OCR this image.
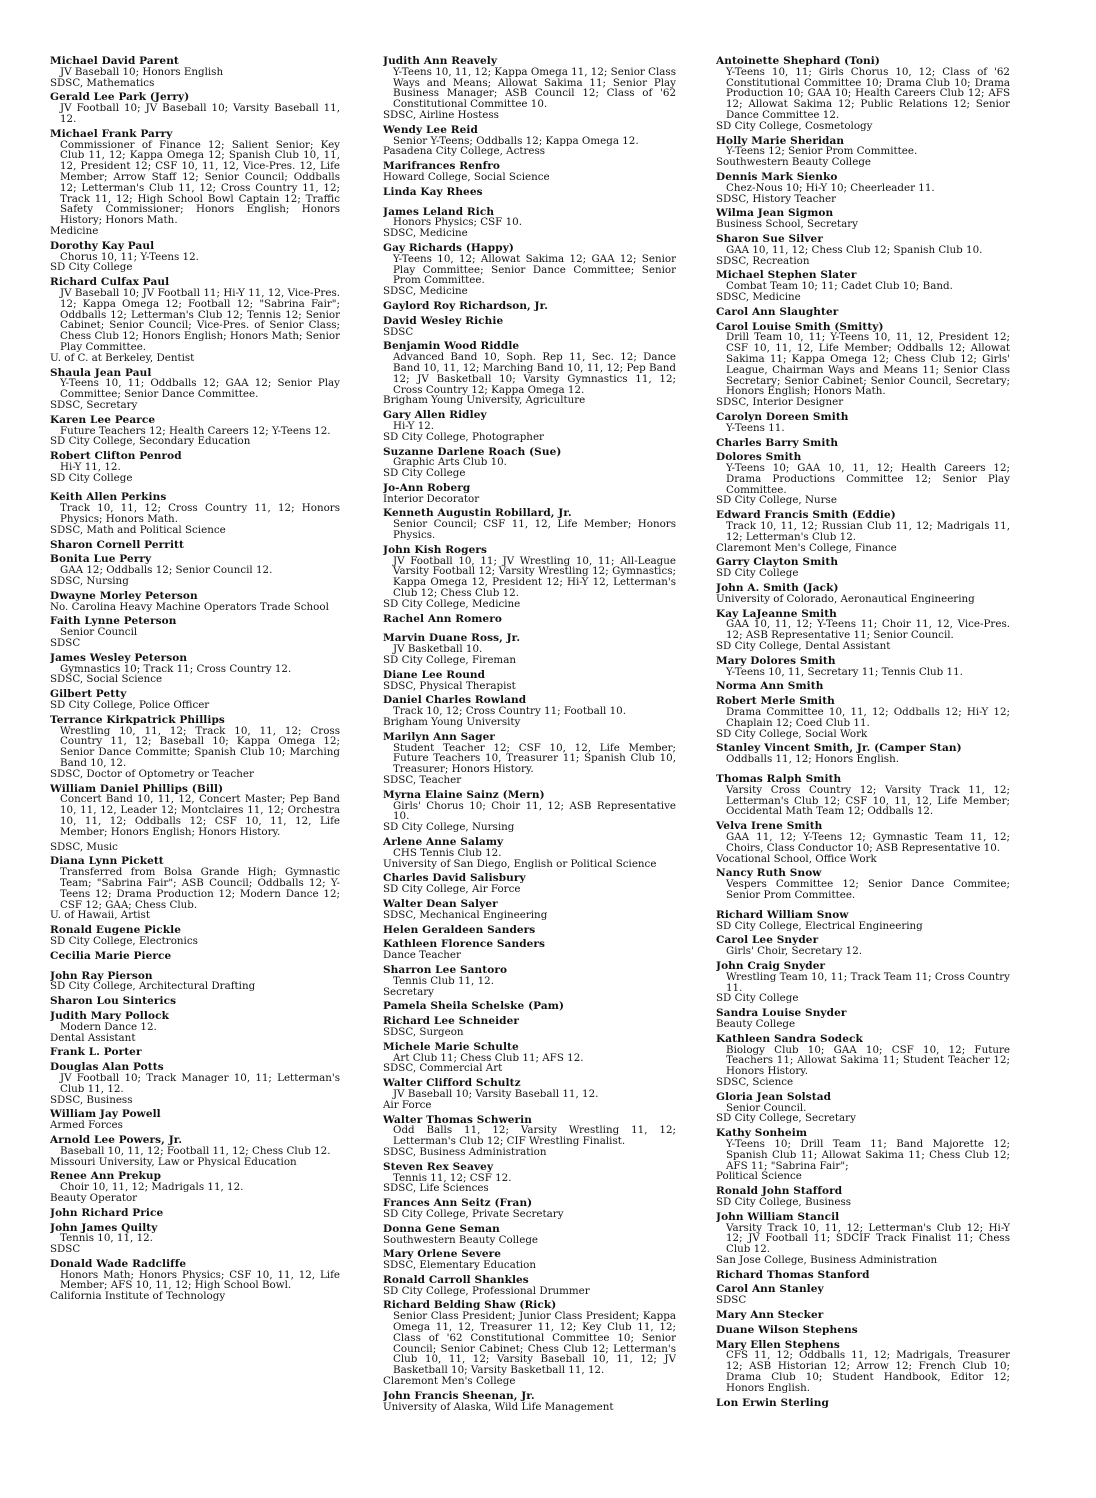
Michael David Parent
JV Baseball 10; Honors English
SDSC, Mathematics
Gerald Lee Park (Jerry)
JV Football 10; JV Baseball 10; Varsity Baseball 11, 12.
Michael Frank Parry
Commissioner of Finance 12; Salient Senior; Key Club 11, 12; Kappa Omega 12; Spanish Club 10, 11, 12, President 12; CSF 10, 11, 12, Vice-Pres. 12, Life Member; Arrow Staff 12; Senior Council; Oddballs 12; Letterman's Club 11, 12; Cross Country 11, 12; Track 11, 12; High School Bowl Captain 12; Traffic Safety Commissioner; Honors English; Honors History; Honors Math.
Medicine
Dorothy Kay Paul
Chorus 10, 11; Y-Teens 12.
SD City College
Richard Culfax Paul
JV Baseball 10; JV Football 11; Hi-Y 11, 12, Vice-Pres. 12; Kappa Omega 12; Football 12; "Sabrina Fair"; Oddballs 12; Letterman's Club 12; Tennis 12; Senior Cabinet; Senior Council; Vice-Pres. of Senior Class; Chess Club 12; Honors English; Honors Math; Senior Play Committee.
U. of C. at Berkeley, Dentist
Shaula Jean Paul
Y-Teens 10, 11; Oddballs 12; GAA 12; Senior Play Committee; Senior Dance Committee.
SDSC, Secretary
Karen Lee Pearce
Future Teachers 12; Health Careers 12; Y-Teens 12.
SD City College, Secondary Education
Robert Clifton Penrod
Hi-Y 11, 12.
SD City College
Keith Allen Perkins
Track 10, 11, 12; Cross Country 11, 12; Honors Physics; Honors Math.
SDSC, Math and Political Science
Sharon Cornell Perritt
Bonita Lue Perry
GAA 12; Oddballs 12; Senior Council 12.
SDSC, Nursing
Dwayne Morley Peterson
No. Carolina Heavy Machine Operators Trade School
Faith Lynne Peterson
Senior Council
SDSC
James Wesley Peterson
Gymnastics 10; Track 11; Cross Country 12.
SDSC, Social Science
Gilbert Petty
SD City College, Police Officer
Terrance Kirkpatrick Phillips
Wrestling 10, 11, 12; Track 10, 11, 12; Cross Country 11, 12; Baseball 10; Kappa Omega 12; Senior Dance Committe; Spanish Club 10; Marching Band 10, 12.
SDSC, Doctor of Optometry or Teacher
William Daniel Phillips (Bill)
Concert Band 10, 11, 12, Concert Master; Pep Band 10, 11, 12, Leader 12; Montclaires 11, 12; Orchestra 10, 11, 12; Oddballs 12; CSF 10, 11, 12, Life Member; Honors English; Honors History.
SDSC, Music
Diana Lynn Pickett
Transferred from Bolsa Grande High; Gymnastic Team; "Sabrina Fair"; ASB Council; Oddballs 12; Y-Teens 12; Drama Production 12; Modern Dance 12; CSF 12; GAA; Chess Club.
U. of Hawaii, Artist
Ronald Eugene Pickle
SD City College, Electronics
Cecilia Marie Pierce
John Ray Pierson
SD City College, Architectural Drafting
Sharon Lou Sinterics
Judith Mary Pollock
Modern Dance 12.
Dental Assistant
Frank L. Porter
Douglas Alan Potts
JV Football 10; Track Manager 10, 11; Letterman's Club 11, 12.
SDSC, Business
William Jay Powell
Armed Forces
Arnold Lee Powers, Jr.
Baseball 10, 11, 12; Football 11, 12; Chess Club 12.
Missouri University, Law or Physical Education
Renee Ann Prekup
Choir 10, 11, 12; Madrigals 11, 12.
Beauty Operator
John Richard Price
John James Quilty
Tennis 10, 11, 12.
SDSC
Donald Wade Radcliffe
Honors Math; Honors Physics; CSF 10, 11, 12, Life Member; AFS 10, 11, 12; High School Bowl.
California Institute of Technology
Judith Ann Reavely
Y-Teens 10, 11, 12; Kappa Omega 11, 12; Senior Class Ways and Means; Allowat Sakima 11; Senior Play Business Manager; ASB Council 12; Class of '62 Constitutional Committee 10.
SDSC, Airline Hostess
Wendy Lee Reid
Senior Y-Teens; Oddballs 12; Kappa Omega 12.
Pasadena City College, Actress
Marifrances Renfro
Howard College, Social Science
Linda Kay Rhees
James Leland Rich
Honors Physics; CSF 10.
SDSC, Medicine
Gay Richards (Happy)
Y-Teens 10, 12; Allowat Sakima 12; GAA 12; Senior Play Committee; Senior Dance Committee; Senior Prom Committee.
SDSC, Medicine
Gaylord Roy Richardson, Jr.
David Wesley Richie
SDSC
Benjamin Wood Riddle
Advanced Band 10, Soph. Rep 11, Sec. 12; Dance Band 10, 11, 12; Marching Band 10, 11, 12; Pep Band 12; JV Basketball 10; Varsity Gymnastics 11, 12; Cross Country 12; Kappa Omega 12.
Brigham Young University, Agriculture
Gary Allen Ridley
Hi-Y 12.
SD City College, Photographer
Suzanne Darlene Roach (Sue)
Graphic Arts Club 10.
SD City College
Jo-Ann Roberg
Interior Decorator
Kenneth Augustin Robillard, Jr.
Senior Council; CSF 11, 12, Life Member; Honors Physics.
John Kish Rogers
JV Football 10, 11; JV Wrestling 10, 11; All-League Varsity Football 12; Varsity Wrestling 12; Gymnastics; Kappa Omega 12, President 12; Hi-Y 12, Letterman's Club 12; Chess Club 12.
SD City College, Medicine
Rachel Ann Romero
Marvin Duane Ross, Jr.
JV Basketball 10.
SD City College, Fireman
Diane Lee Round
SDSC, Physical Therapist
Daniel Charles Rowland
Track 10, 12; Cross Country 11; Football 10.
Brigham Young University
Marilyn Ann Sager
Student Teacher 12; CSF 10, 12, Life Member; Future Teachers 10, Treasurer 11; Spanish Club 10, Treasurer; Honors History.
SDSC, Teacher
Myrna Elaine Sainz (Mern)
Girls' Chorus 10; Choir 11, 12; ASB Representative 10.
SD City College, Nursing
Arlene Anne Salamy
CHS Tennis Club 12.
University of San Diego, English or Political Science
Charles David Salisbury
SD City College, Air Force
Walter Dean Salyer
SDSC, Mechanical Engineering
Helen Geraldeen Sanders
Kathleen Florence Sanders
Dance Teacher
Sharron Lee Santoro
Tennis Club 11, 12.
Secretary
Pamela Sheila Schelske (Pam)
Richard Lee Schneider
SDSC, Surgeon
Michele Marie Schulte
Art Club 11; Chess Club 11; AFS 12.
SDSC, Commercial Art
Walter Clifford Schultz
JV Baseball 10; Varsity Baseball 11, 12.
Air Force
Walter Thomas Schwerin
Odd Balls 11, 12; Varsity Wrestling 11, 12; Letterman's Club 12; CIF Wrestling Finalist.
SDSC, Business Administration
Steven Rex Seavey
Tennis 11, 12; CSF 12.
SDSC, Life Sciences
Frances Ann Seitz (Fran)
SD City College, Private Secretary
Donna Gene Seman
Southwestern Beauty College
Mary Orlene Severe
SDSC, Elementary Education
Ronald Carroll Shankles
SD City College, Professional Drummer
Richard Belding Shaw (Rick)
Senior Class President; Junior Class President; Kappa Omega 11, 12, Treasurer 11, 12; Key Club 11, 12; Class of '62 Constitutional Committee 10; Senior Council; Senior Cabinet; Chess Club 12; Letterman's Club 10, 11, 12; Varsity Baseball 10, 11, 12; JV Basketball 10; Varsity Basketball 11, 12.
Claremont Men's College
John Francis Sheenan, Jr.
University of Alaska, Wild Life Management
Antoinette Shephard (Toni)
Y-Teens 10, 11; Girls Chorus 10, 12; Class of '62 Constitutional Committee 10; Drama Club 10; Drama Production 10; GAA 10; Health Careers Club 12; AFS 12; Allowat Sakima 12; Public Relations 12; Senior Dance Committee 12.
SD City College, Cosmetology
Holly Marie Sheridan
Y-Teens 12; Senior Prom Committee.
Southwestern Beauty College
Dennis Mark Sienko
Chez-Nous 10; Hi-Y 10; Cheerleader 11.
SDSC, History Teacher
Wilma Jean Sigmon
Business School, Secretary
Sharon Sue Silver
GAA 10, 11, 12; Chess Club 12; Spanish Club 10.
SDSC, Recreation
Michael Stephen Slater
Combat Team 10; 11; Cadet Club 10; Band.
SDSC, Medicine
Carol Ann Slaughter
Carol Louise Smith (Smitty)
Drill Team 10, 11; Y-Teens 10, 11, 12, President 12; CSF 10, 11, 12, Life Member; Oddballs 12; Allowat Sakima 11; Kappa Omega 12; Chess Club 12; Girls' League, Chairman Ways and Means 11; Senior Class Secretary; Senior Cabinet; Senior Council, Secretary; Honors English; Honors Math.
SDSC, Interior Designer
Carolyn Doreen Smith
Y-Teens 11.
Charles Barry Smith
Dolores Smith
Y-Teens 10; GAA 10, 11, 12; Health Careers 12; Drama Productions Committee 12; Senior Play Committee.
SD City College, Nurse
Edward Francis Smith (Eddie)
Track 10, 11, 12; Russian Club 11, 12; Madrigals 11, 12; Letterman's Club 12.
Claremont Men's College, Finance
Garry Clayton Smith
SD City College
John A. Smith (Jack)
University of Colorado, Aeronautical Engineering
Kay LaJeanne Smith
GAA 10, 11, 12; Y-Teens 11; Choir 11, 12, Vice-Pres. 12; ASB Representative 11; Senior Council.
SD City College, Dental Assistant
Mary Dolores Smith
Y-Teens 10, 11, Secretary 11; Tennis Club 11.
Norma Ann Smith
Robert Merle Smith
Drama Committee 10, 11, 12; Oddballs 12; Hi-Y 12; Chaplain 12; Coed Club 11.
SD City College, Social Work
Stanley Vincent Smith, Jr. (Camper Stan)
Oddballs 11, 12; Honors English.
Thomas Ralph Smith
Varsity Cross Country 12; Varsity Track 11, 12; Letterman's Club 12; CSF 10, 11, 12, Life Member; Occidental Math Team 12; Oddballs 12.
Velva Irene Smith
GAA 11, 12; Y-Teens 12; Gymnastic Team 11, 12; Choirs, Class Conductor 10; ASB Representative 10.
Vocational School, Office Work
Nancy Ruth Snow
Vespers Committee 12; Senior Dance Commitee; Senior Prom Committee.
Richard William Snow
SD City College, Electrical Engineering
Carol Lee Snyder
Girls' Choir, Secretary 12.
John Craig Snyder
Wrestling Team 10, 11; Track Team 11; Cross Country 11.
SD City College
Sandra Louise Snyder
Beauty College
Kathleen Sandra Sodeck
Biology Club 10; GAA 10; CSF 10, 12; Future Teachers 11; Allowat Sakima 11; Student Teacher 12; Honors History.
SDSC, Science
Gloria Jean Solstad
Senior Council.
SD City College, Secretary
Kathy Sonheim
Y-Teens 10; Drill Team 11; Band Majorette 12; Spanish Club 11; Allowat Sakima 11; Chess Club 12; AFS 11; "Sabrina Fair";
Political Science
Ronald John Stafford
SD City College, Business
John William Stancil
Varsity Track 10, 11, 12; Letterman's Club 12; Hi-Y 12; JV Football 11; SDCIF Track Finalist 11; Chess Club 12.
San Jose College, Business Administration
Richard Thomas Stanford
Carol Ann Stanley
SDSC
Mary Ann Stecker
Duane Wilson Stephens
Mary Ellen Stephens
CFS 11, 12; Oddballs 11, 12; Madrigals, Treasurer 12; ASB Historian 12; Arrow 12; French Club 10; Drama Club 10; Student Handbook, Editor 12; Honors English.
Lon Erwin Sterling
